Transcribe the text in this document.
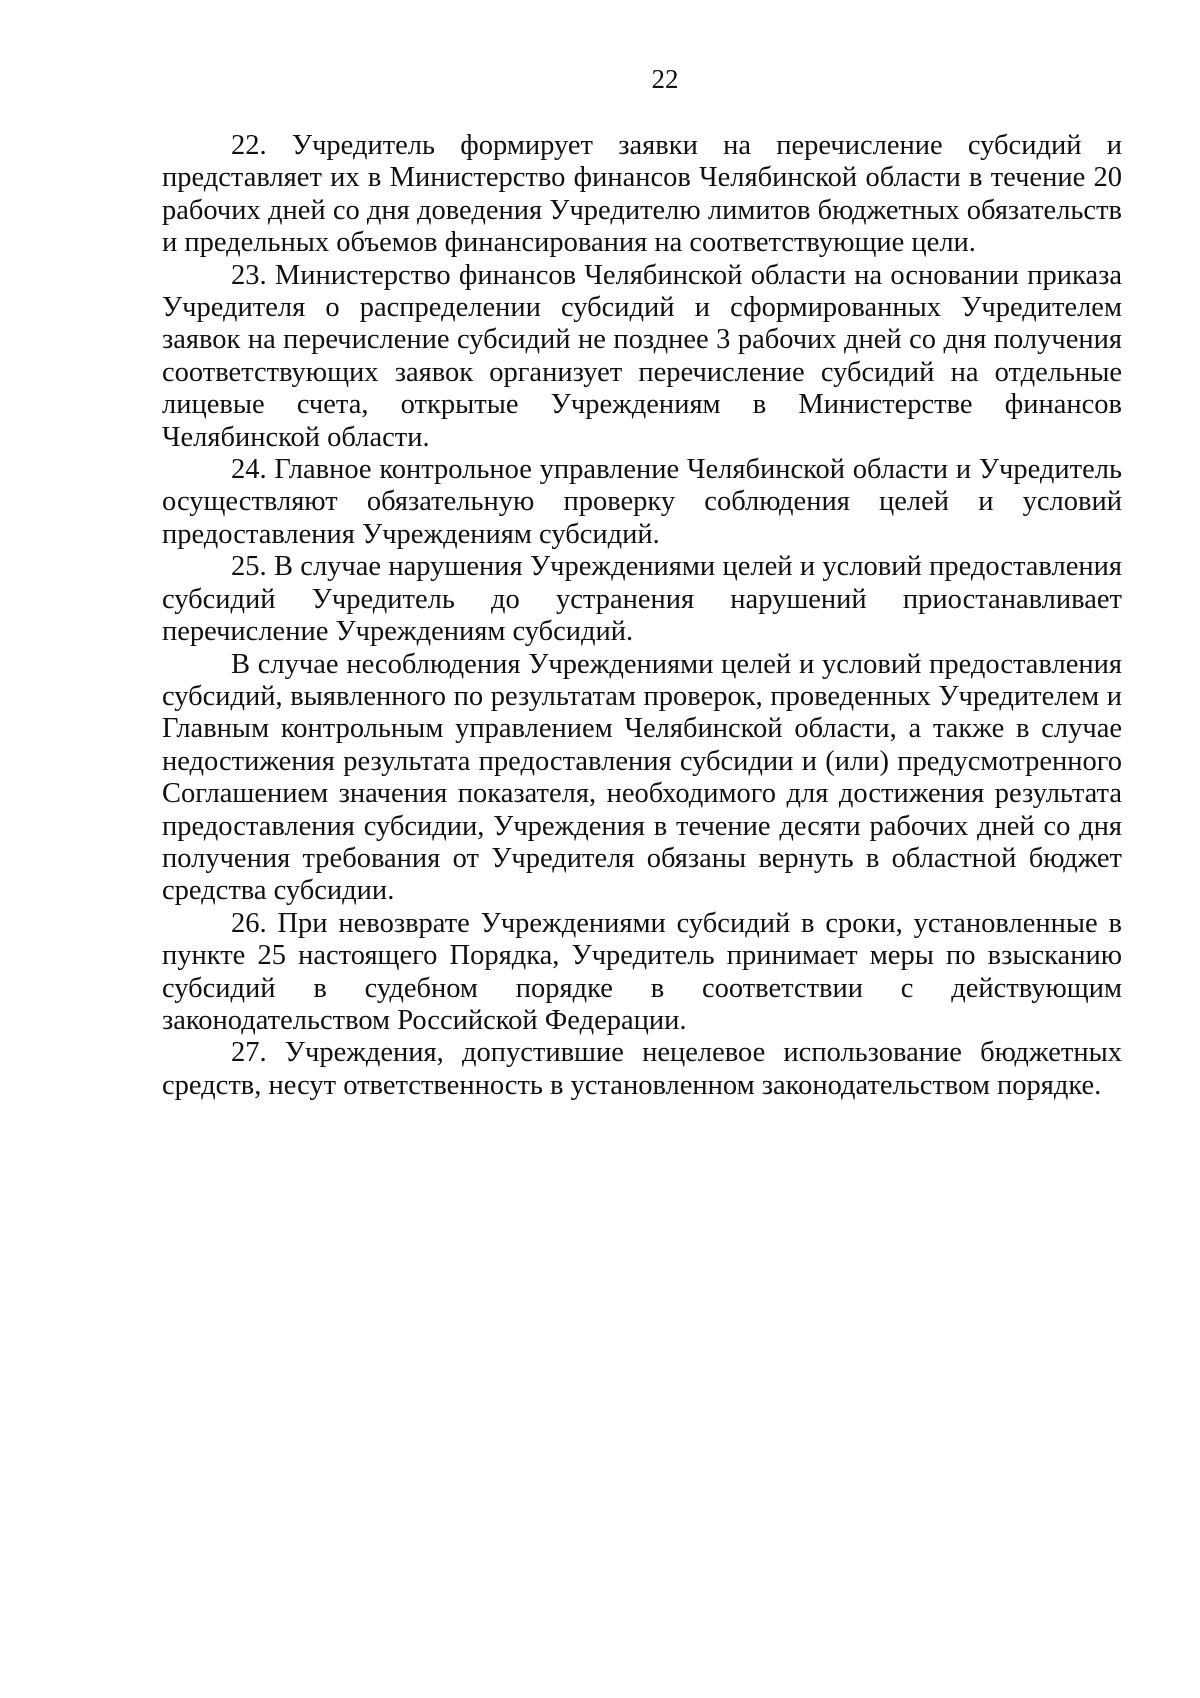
22

22. Учредитель формирует заявки на перечисление субсидий и представляет их в Министерство финансов Челябинской области в течение 20 рабочих дней со дня доведения Учредителю лимитов бюджетных обязательств и предельных объемов финансирования на соответствующие цели.

23. Министерство финансов Челябинской области на основании приказа Учредителя о распределении субсидий и сформированных Учредителем заявок на перечисление субсидий не позднее 3 рабочих дней со дня получения соответствующих заявок организует перечисление субсидий на отдельные лицевые счета, открытые Учреждениям в Министерстве финансов Челябинской области.

24. Главное контрольное управление Челябинской области и Учредитель осуществляют обязательную проверку соблюдения целей и условий предоставления Учреждениям субсидий.

25. В случае нарушения Учреждениями целей и условий предоставления субсидий Учредитель до устранения нарушений приостанавливает перечисление Учреждениям субсидий.

В случае несоблюдения Учреждениями целей и условий предоставления субсидий, выявленного по результатам проверок, проведенных Учредителем и Главным контрольным управлением Челябинской области, а также в случае недостижения результата предоставления субсидии и (или) предусмотренного Соглашением значения показателя, необходимого для достижения результата предоставления субсидии, Учреждения в течение десяти рабочих дней со дня получения требования от Учредителя обязаны вернуть в областной бюджет средства субсидии.

26. При невозврате Учреждениями субсидий в сроки, установленные в пункте 25 настоящего Порядка, Учредитель принимает меры по взысканию субсидий в судебном порядке в соответствии с действующим законодательством Российской Федерации.

27. Учреждения, допустившие нецелевое использование бюджетных средств, несут ответственность в установленном законодательством порядке.
